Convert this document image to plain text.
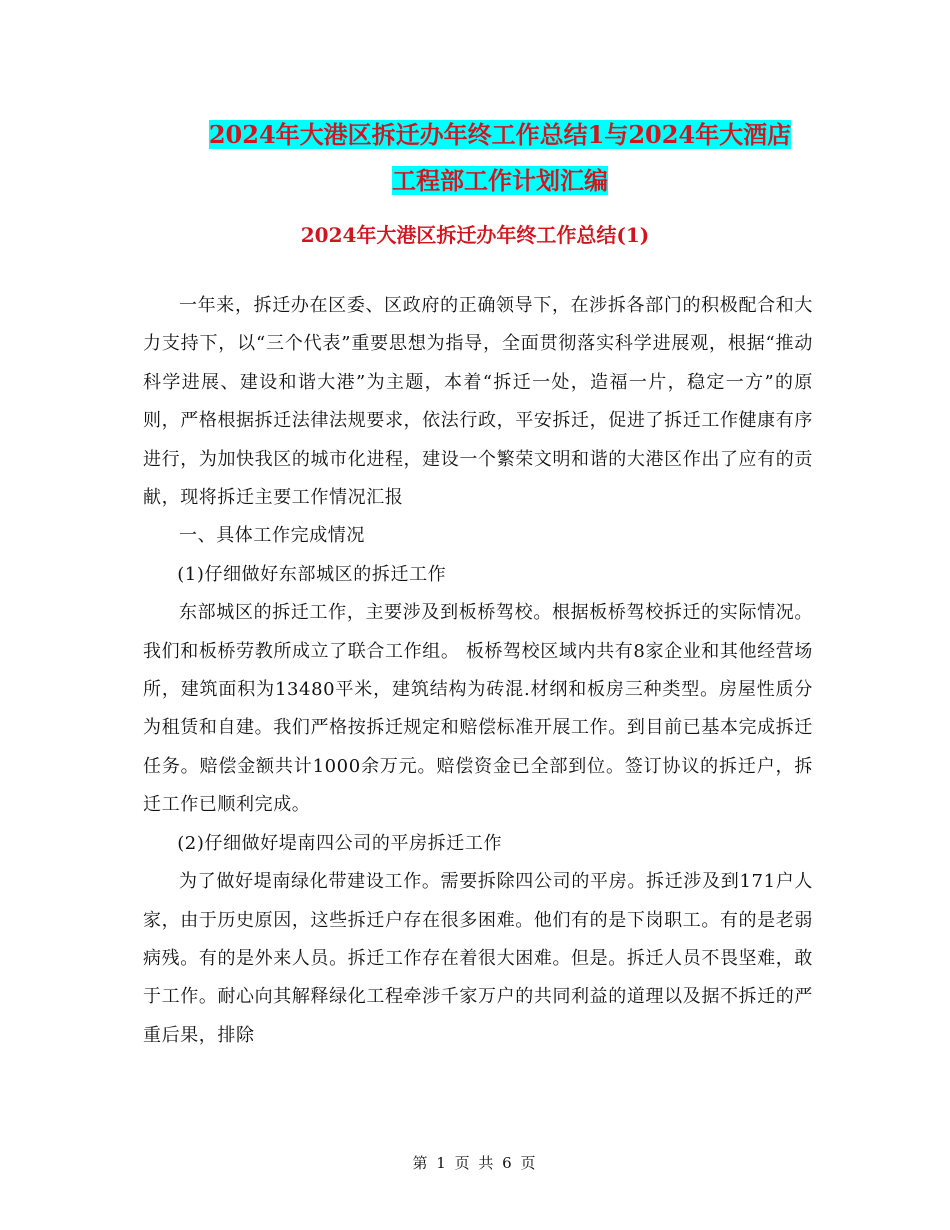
2024年大港区拆迁办年终工作总结1与2024年大酒店
工程部工作计划汇编
2024年大港区拆迁办年终工作总结(1)

一年来，拆迁办在区委、区政府的正确领导下，在涉拆各部门的积极配合和大力支持下，以“三个代表”重要思想为指导，全面贯彻落实科学进展观，根据“推动科学进展、建设和谐大港”为主题，本着“拆迁一处，造福一片，稳定一方”的原则，严格根据拆迁法律法规要求，依法行政，平安拆迁，促进了拆迁工作健康有序进行，为加快我区的城市化进程，建设一个繁荣文明和谐的大港区作出了应有的贡献，现将拆迁主要工作情况汇报

一、具体工作完成情况

(1)仔细做好东部城区的拆迁工作

东部城区的拆迁工作，主要涉及到板桥驾校。根据板桥驾校拆迁的实际情况。我们和板桥劳教所成立了联合工作组。 板桥驾校区域内共有8家企业和其他经营场所，建筑面积为13480平米，建筑结构为砖混.材纲和板房三种类型。房屋性质分为租赁和自建。我们严格按拆迁规定和赔偿标准开展工作。到目前已基本完成拆迁任务。赔偿金额共计1000余万元。赔偿资金已全部到位。签订协议的拆迁户，拆迁工作已顺利完成。

(2)仔细做好堤南四公司的平房拆迁工作

为了做好堤南绿化带建设工作。需要拆除四公司的平房。拆迁涉及到171户人家，由于历史原因，这些拆迁户存在很多困难。他们有的是下岗职工。有的是老弱病残。有的是外来人员。拆迁工作存在着很大困难。但是。拆迁人员不畏坚难，敢于工作。耐心向其解释绿化工程牵涉千家万户的共同利益的道理以及据不拆迁的严重后果，排除

第 1 页 共 6 页
